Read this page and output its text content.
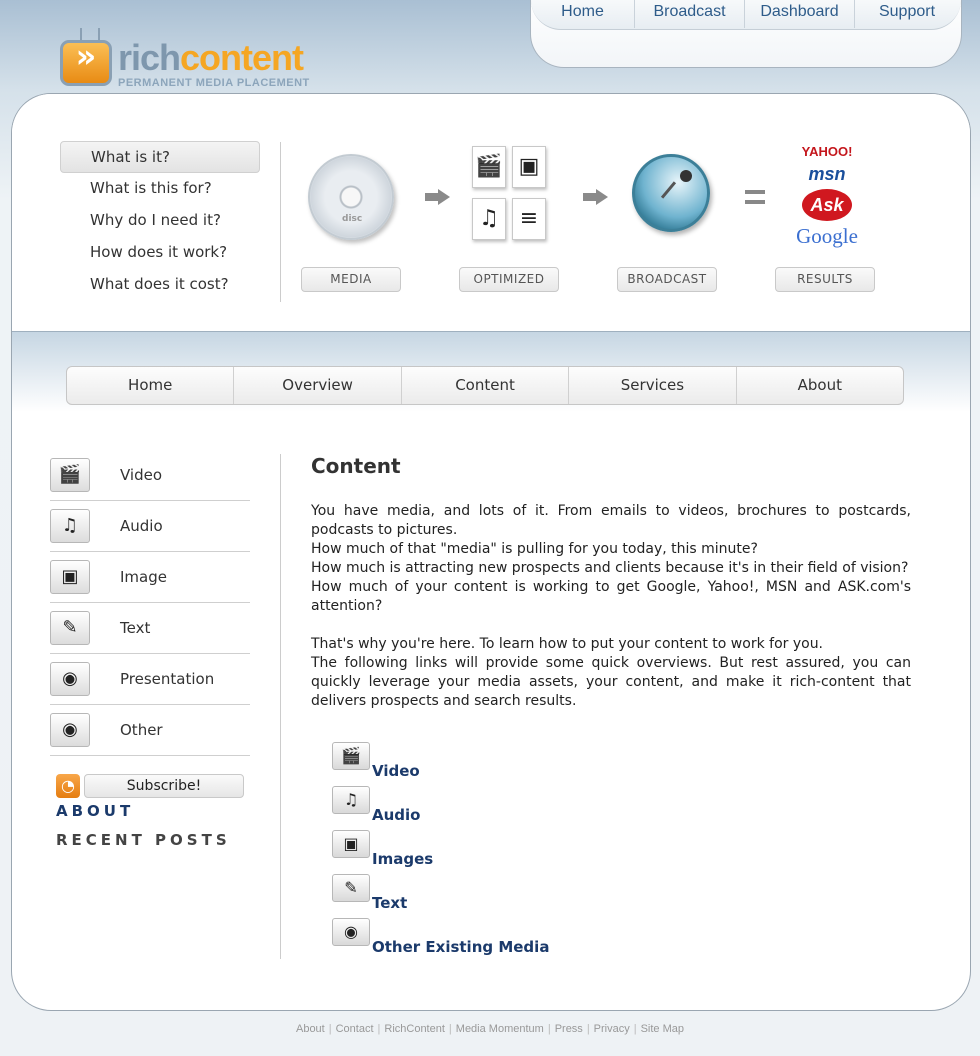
Home	Broadcast	Dashboard	Support
»
richcontent
PERMANENT MEDIA PLACEMENT
What is it?
What is this for?
Why do I need it?
How does it work?
What does it cost?
disc
🎬 ▣
♫ ≡
YAHOO!
msn
Ask
Google
MEDIA	OPTIMIZED	BROADCAST	RESULTS
Home	Overview	Content	Services	About
🎬	Video
♫	Audio
▣	Image
✎	Text
◉	Presentation
◉	Other
◔	Subscribe!
ABOUT
RECENT POSTS
Content

You have media, and lots of it. From emails to videos, brochures to postcards, podcasts to pictures.

How much of that "media" is pulling for you today, this minute?

How much is attracting new prospects and clients because it's in their field of vision?

How much of your content is working to get Google, Yahoo!, MSN and ASK.com's attention?

That's why you're here. To learn how to put your content to work for you.

The following links will provide some quick overviews. But rest assured, you can quickly leverage your media assets, your content, and make it rich-content that delivers prospects and search results.

🎬
Video
♫
Audio
▣
Images
✎
Text
◉
Other Existing Media
About | Contact | RichContent | Media Momentum | Press | Privacy | Site Map
